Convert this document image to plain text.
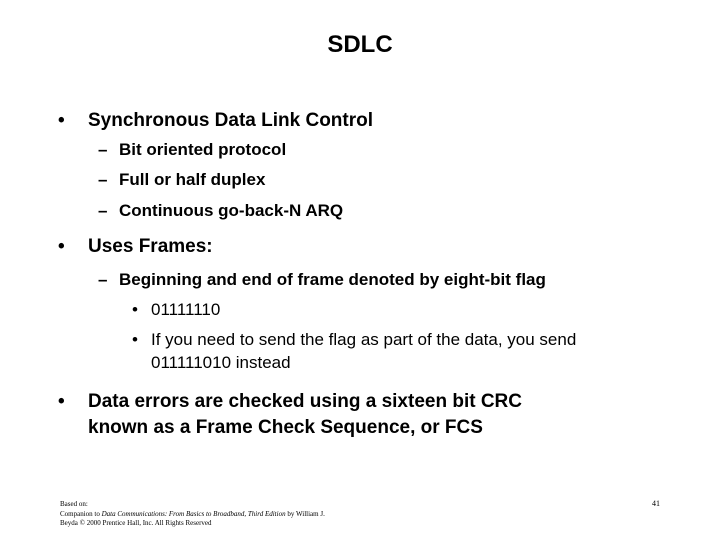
SDLC
• Synchronous Data Link Control
– Bit oriented protocol
– Full or half duplex
– Continuous go-back-N ARQ
• Uses Frames:
– Beginning and end of frame denoted by eight-bit flag
• 01111110
• If you need to send the flag as part of the data, you send
011111010 instead
• Data errors are checked using a sixteen bit CRC
known as a Frame Check Sequence, or FCS
Based on:
Companion to Data Communications: From Basics to Broadband, Third Edition by William J.
Beyda © 2000 Prentice Hall, Inc. All Rights Reserved
41
